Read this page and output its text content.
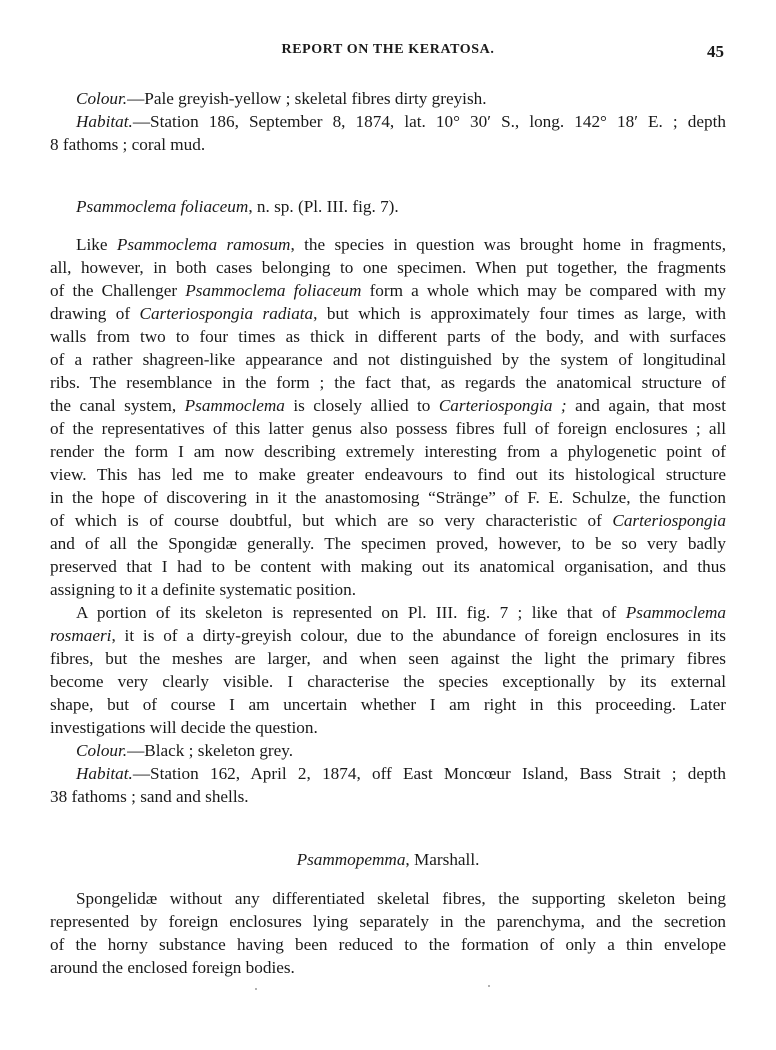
REPORT ON THE KERATOSA.	45
Colour.—Pale greyish-yellow ; skeletal fibres dirty greyish.
Habitat.—Station 186, September 8, 1874, lat. 10° 30′ S., long. 142° 18′ E. ; depth
8 fathoms ; coral mud.
Psammoclema foliaceum, n. sp. (Pl. III. fig. 7).
Like Psammoclema ramosum, the species in question was brought home in fragments,
all, however, in both cases belonging to one specimen. When put together, the fragments
of the Challenger Psammoclema foliaceum form a whole which may be compared with my
drawing of Carteriospongia radiata, but which is approximately four times as large, with
walls from two to four times as thick in different parts of the body, and with surfaces
of a rather shagreen-like appearance and not distinguished by the system of longitudinal
ribs. The resemblance in the form ; the fact that, as regards the anatomical structure of
the canal system, Psammoclema is closely allied to Carteriospongia ; and again, that most
of the representatives of this latter genus also possess fibres full of foreign enclosures ; all
render the form I am now describing extremely interesting from a phylogenetic point of
view. This has led me to make greater endeavours to find out its histological structure
in the hope of discovering in it the anastomosing “Stränge” of F. E. Schulze, the function
of which is of course doubtful, but which are so very characteristic of Carteriospongia
and of all the Spongidæ generally. The specimen proved, however, to be so very badly
preserved that I had to be content with making out its anatomical organisation, and thus
assigning to it a definite systematic position.
A portion of its skeleton is represented on Pl. III. fig. 7 ; like that of Psammoclema
rosmaeri, it is of a dirty-greyish colour, due to the abundance of foreign enclosures in its
fibres, but the meshes are larger, and when seen against the light the primary fibres
become very clearly visible. I characterise the species exceptionally by its external
shape, but of course I am uncertain whether I am right in this proceeding. Later
investigations will decide the question.
Colour.—Black ; skeleton grey.
Habitat.—Station 162, April 2, 1874, off East Moncœur Island, Bass Strait ; depth
38 fathoms ; sand and shells.
Psammopemma, Marshall.
Spongelidæ without any differentiated skeletal fibres, the supporting skeleton being
represented by foreign enclosures lying separately in the parenchyma, and the secretion
of the horny substance having been reduced to the formation of only a thin envelope
around the enclosed foreign bodies.
